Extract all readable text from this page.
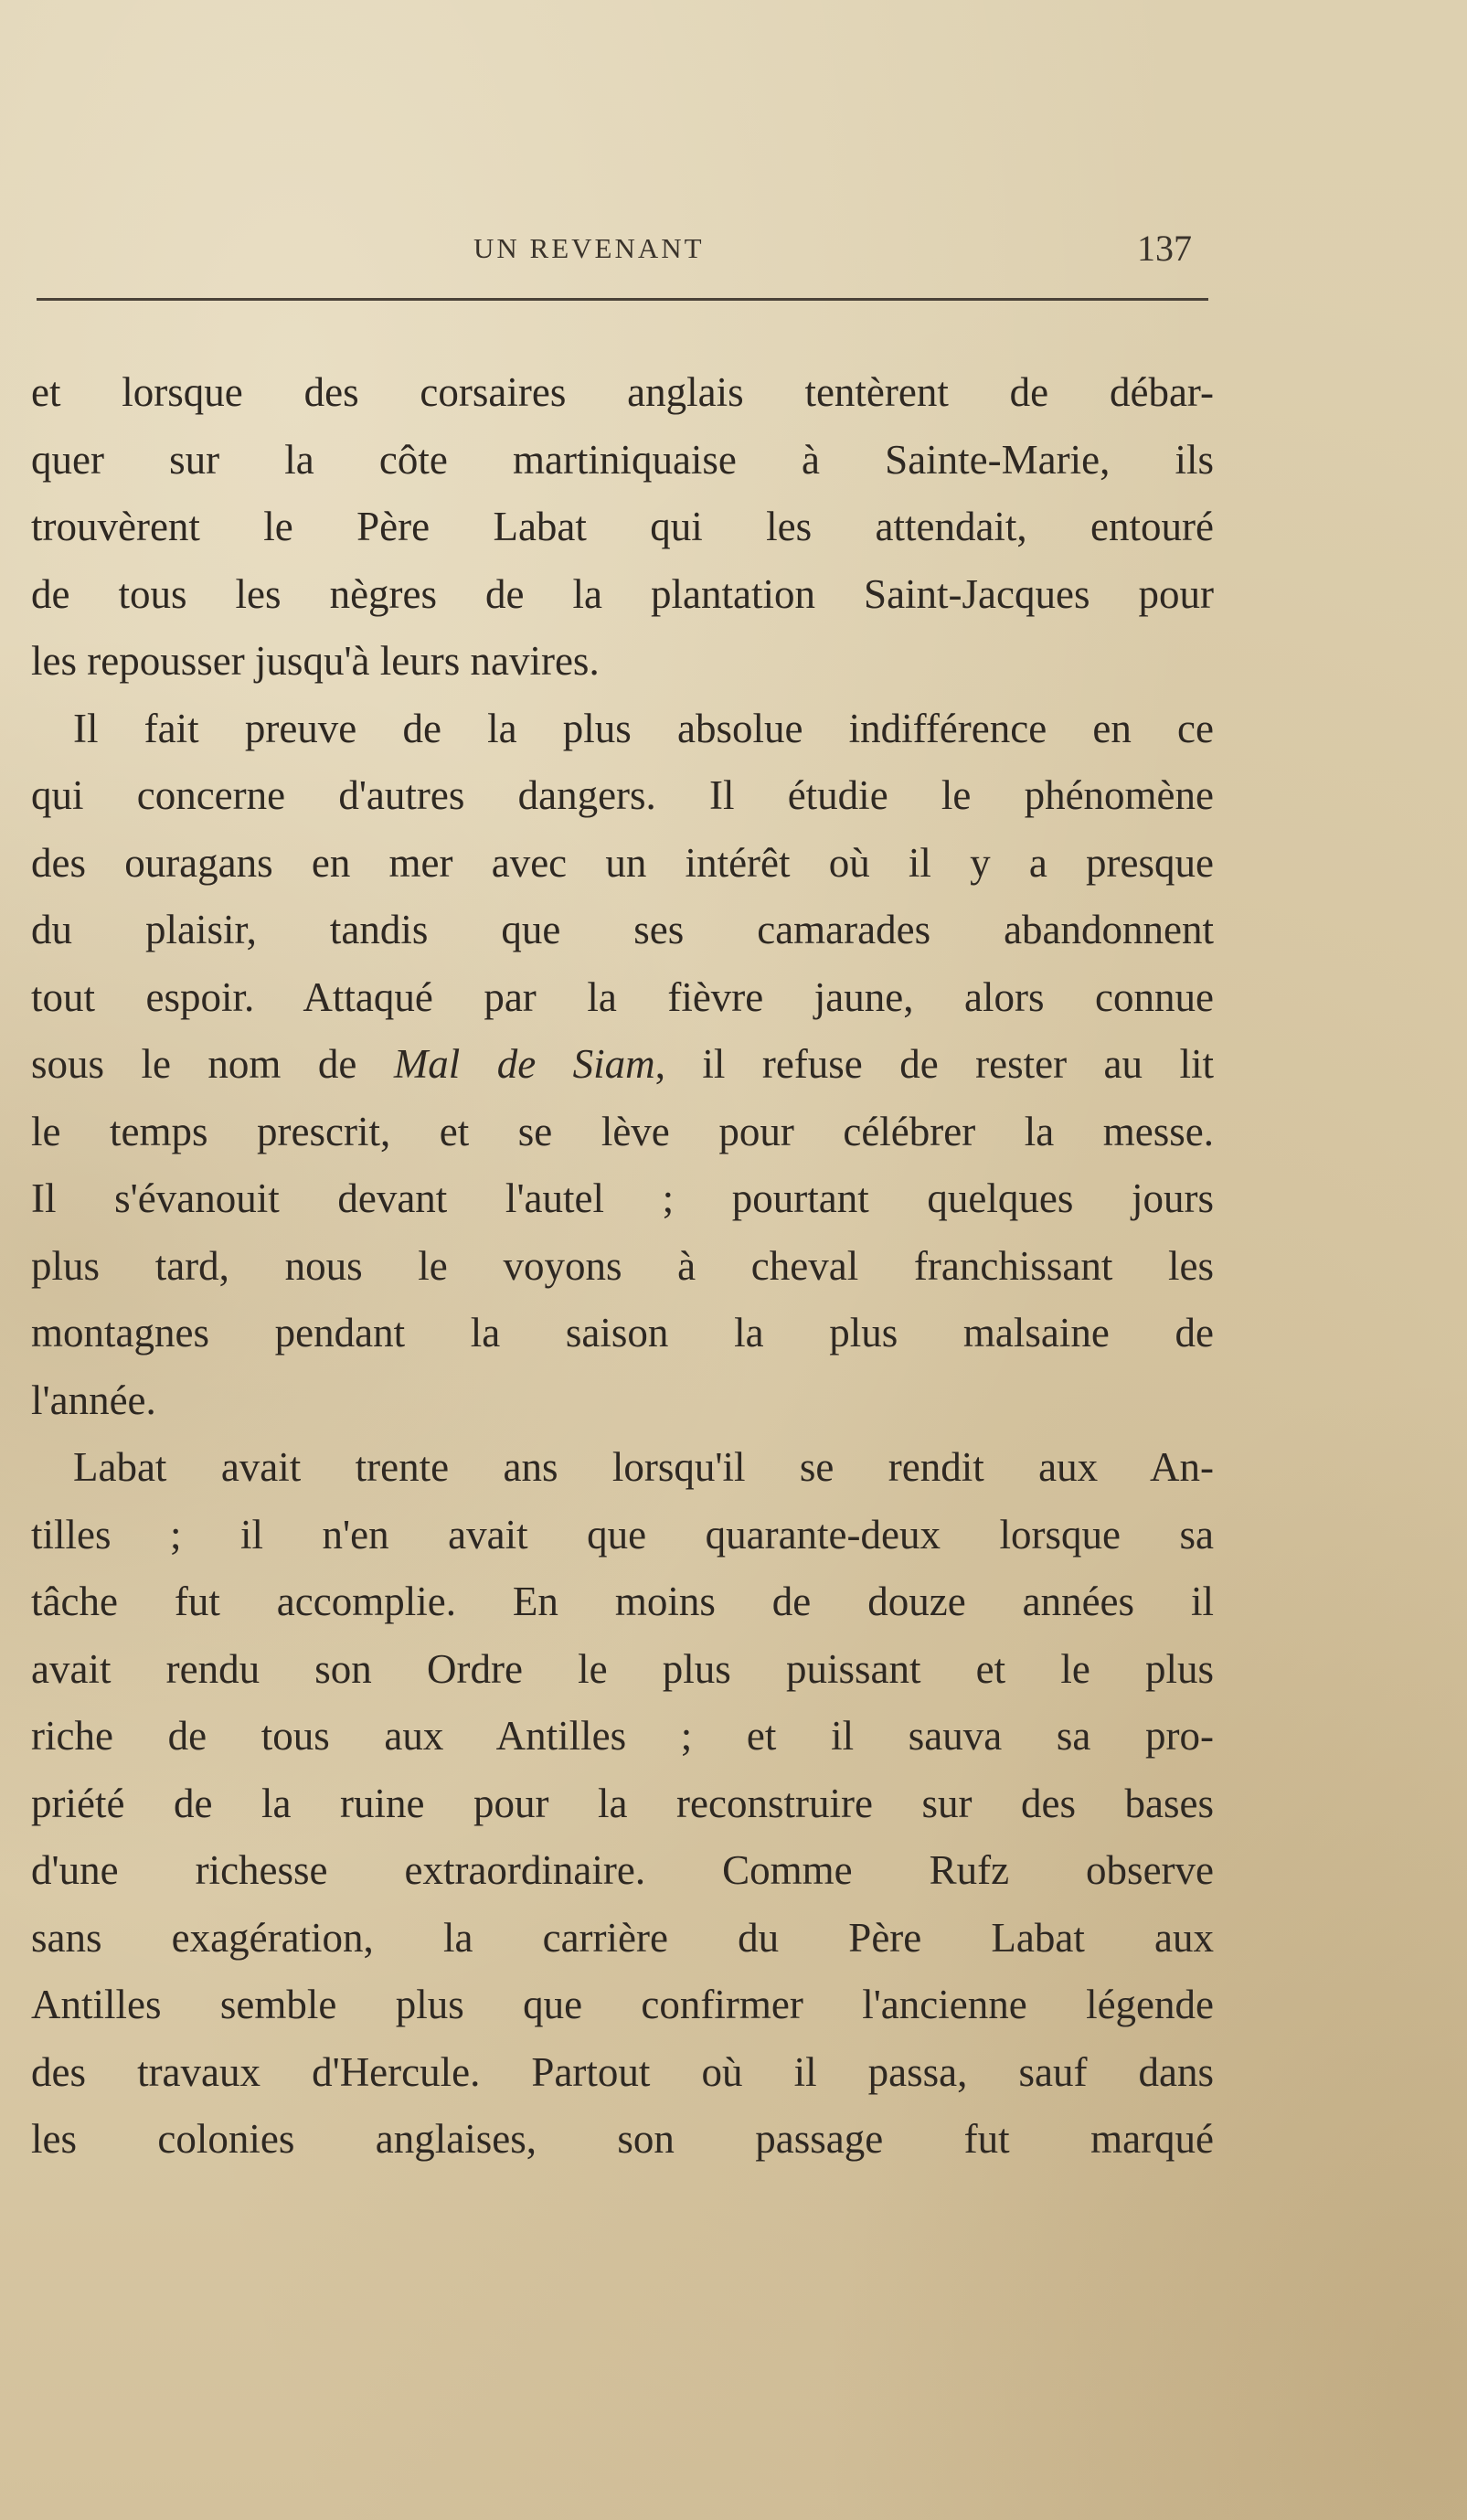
UN REVENANT	137
et lorsque des corsaires anglais tentèrent de débar-
quer sur la côte martiniquaise à Sainte-Marie, ils
trouvèrent le Père Labat qui les attendait, entouré
de tous les nègres de la plantation Saint-Jacques pour
les repousser jusqu'à leurs navires.
Il fait preuve de la plus absolue indifférence en ce
qui concerne d'autres dangers. Il étudie le phénomène
des ouragans en mer avec un intérêt où il y a presque
du plaisir, tandis que ses camarades abandonnent
tout espoir. Attaqué par la fièvre jaune, alors connue
sous le nom de Mal de Siam, il refuse de rester au lit
le temps prescrit, et se lève pour célébrer la messe.
Il s'évanouit devant l'autel ; pourtant quelques jours
plus tard, nous le voyons à cheval franchissant les
montagnes pendant la saison la plus malsaine de
l'année.
Labat avait trente ans lorsqu'il se rendit aux An-
tilles ; il n'en avait que quarante-deux lorsque sa
tâche fut accomplie. En moins de douze années il
avait rendu son Ordre le plus puissant et le plus
riche de tous aux Antilles ; et il sauva sa pro-
priété de la ruine pour la reconstruire sur des bases
d'une richesse extraordinaire. Comme Rufz observe
sans exagération, la carrière du Père Labat aux
Antilles semble plus que confirmer l'ancienne légende
des travaux d'Hercule. Partout où il passa, sauf dans
les colonies anglaises, son passage fut marqué
